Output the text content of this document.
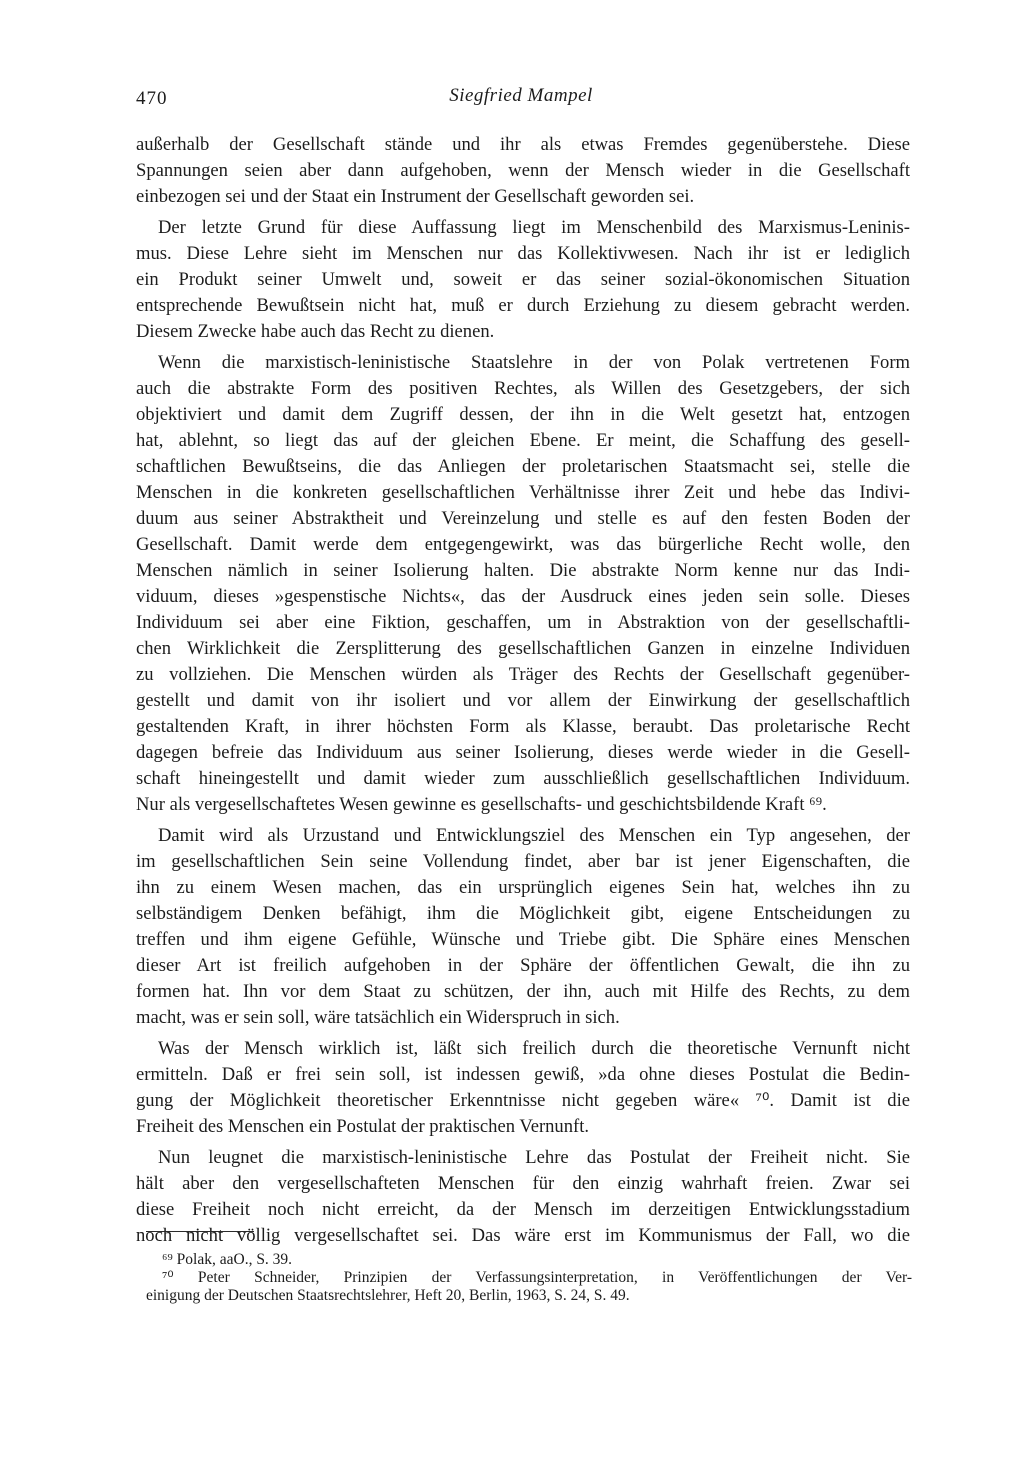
470	Siegfried Mampel
außerhalb der Gesellschaft stände und ihr als etwas Fremdes gegenüberstehe. Diese
Spannungen seien aber dann aufgehoben, wenn der Mensch wieder in die Gesellschaft
einbezogen sei und der Staat ein Instrument der Gesellschaft geworden sei.
Der letzte Grund für diese Auffassung liegt im Menschenbild des Marxismus-Leninis-
mus. Diese Lehre sieht im Menschen nur das Kollektivwesen. Nach ihr ist er lediglich
ein Produkt seiner Umwelt und, soweit er das seiner sozial-ökonomischen Situation
entsprechende Bewußtsein nicht hat, muß er durch Erziehung zu diesem gebracht werden.
Diesem Zwecke habe auch das Recht zu dienen.
Wenn die marxistisch-leninistische Staatslehre in der von Polak vertretenen Form
auch die abstrakte Form des positiven Rechtes, als Willen des Gesetzgebers, der sich
objektiviert und damit dem Zugriff dessen, der ihn in die Welt gesetzt hat, entzogen
hat, ablehnt, so liegt das auf der gleichen Ebene. Er meint, die Schaffung des gesell-
schaftlichen Bewußtseins, die das Anliegen der proletarischen Staatsmacht sei, stelle die
Menschen in die konkreten gesellschaftlichen Verhältnisse ihrer Zeit und hebe das Indivi-
duum aus seiner Abstraktheit und Vereinzelung und stelle es auf den festen Boden der
Gesellschaft. Damit werde dem entgegengewirkt, was das bürgerliche Recht wolle, den
Menschen nämlich in seiner Isolierung halten. Die abstrakte Norm kenne nur das Indi-
viduum, dieses »gespenstische Nichts«, das der Ausdruck eines jeden sein solle. Dieses
Individuum sei aber eine Fiktion, geschaffen, um in Abstraktion von der gesellschaftli-
chen Wirklichkeit die Zersplitterung des gesellschaftlichen Ganzen in einzelne Individuen
zu vollziehen. Die Menschen würden als Träger des Rechts der Gesellschaft gegenüber-
gestellt und damit von ihr isoliert und vor allem der Einwirkung der gesellschaftlich
gestaltenden Kraft, in ihrer höchsten Form als Klasse, beraubt. Das proletarische Recht
dagegen befreie das Individuum aus seiner Isolierung, dieses werde wieder in die Gesell-
schaft hineingestellt und damit wieder zum ausschließlich gesellschaftlichen Individuum.
Nur als vergesellschaftetes Wesen gewinne es gesellschafts- und geschichtsbildende Kraft ⁶⁹.
Damit wird als Urzustand und Entwicklungsziel des Menschen ein Typ angesehen, der
im gesellschaftlichen Sein seine Vollendung findet, aber bar ist jener Eigenschaften, die
ihn zu einem Wesen machen, das ein ursprünglich eigenes Sein hat, welches ihn zu
selbständigem Denken befähigt, ihm die Möglichkeit gibt, eigene Entscheidungen zu
treffen und ihm eigene Gefühle, Wünsche und Triebe gibt. Die Sphäre eines Menschen
dieser Art ist freilich aufgehoben in der Sphäre der öffentlichen Gewalt, die ihn zu
formen hat. Ihn vor dem Staat zu schützen, der ihn, auch mit Hilfe des Rechts, zu dem
macht, was er sein soll, wäre tatsächlich ein Widerspruch in sich.
Was der Mensch wirklich ist, läßt sich freilich durch die theoretische Vernunft nicht
ermitteln. Daß er frei sein soll, ist indessen gewiß, »da ohne dieses Postulat die Bedin-
gung der Möglichkeit theoretischer Erkenntnisse nicht gegeben wäre« ⁷⁰. Damit ist die
Freiheit des Menschen ein Postulat der praktischen Vernunft.
Nun leugnet die marxistisch-leninistische Lehre das Postulat der Freiheit nicht. Sie
hält aber den vergesellschafteten Menschen für den einzig wahrhaft freien. Zwar sei
diese Freiheit noch nicht erreicht, da der Mensch im derzeitigen Entwicklungsstadium
noch nicht völlig vergesellschaftet sei. Das wäre erst im Kommunismus der Fall, wo die
⁶⁹ Polak, aaO., S. 39.
⁷⁰ Peter Schneider, Prinzipien der Verfassungsinterpretation, in Veröffentlichungen der Ver-
einigung der Deutschen Staatsrechtslehrer, Heft 20, Berlin, 1963, S. 24, S. 49.
